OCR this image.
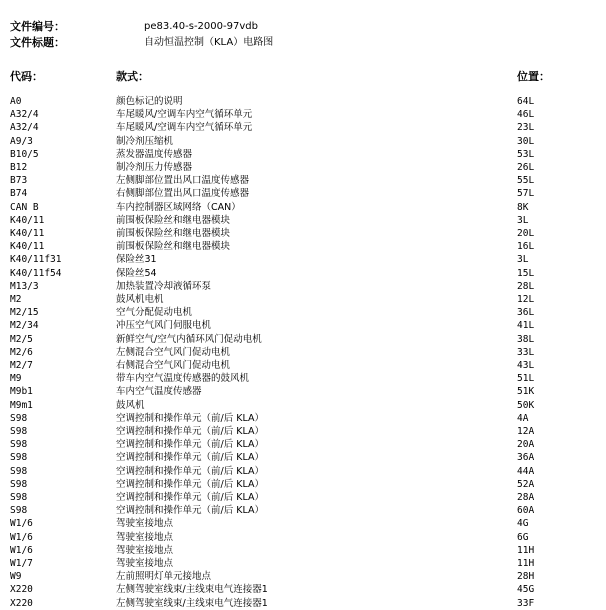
文件编号：	pe83.40-s-2000-97vdb
文件标题：	自动恒温控制（KLA）电路图
代码：	款式：	位置：
A0	颜色标记的说明	64L
A32/4	车尾暖风/空调车内空气循环单元	46L
A32/4	车尾暖风/空调车内空气循环单元	23L
A9/3	制冷剂压缩机	30L
B10/5	蒸发器温度传感器	53L
B12	制冷剂压力传感器	26L
B73	左侧脚部位置出风口温度传感器	55L
B74	右侧脚部位置出风口温度传感器	57L
CAN B	车内控制器区域网络（CAN）	8K
K40/11	前围板保险丝和继电器模块	3L
K40/11	前围板保险丝和继电器模块	20L
K40/11	前围板保险丝和继电器模块	16L
K40/11f31	保险丝31	3L
K40/11f54	保险丝54	15L
M13/3	加热装置冷却液循环泵	28L
M2	鼓风机电机	12L
M2/15	空气分配促动电机	36L
M2/34	冲压空气风门伺服电机	41L
M2/5	新鲜空气/空气内循环风门促动电机	38L
M2/6	左侧混合空气风门促动电机	33L
M2/7	右侧混合空气风门促动电机	43L
M9	带车内空气温度传感器的鼓风机	51L
M9b1	车内空气温度传感器	51K
M9m1	鼓风机	50K
S98	空调控制和操作单元（前/后 KLA）	4A
S98	空调控制和操作单元（前/后 KLA）	12A
S98	空调控制和操作单元（前/后 KLA）	20A
S98	空调控制和操作单元（前/后 KLA）	36A
S98	空调控制和操作单元（前/后 KLA）	44A
S98	空调控制和操作单元（前/后 KLA）	52A
S98	空调控制和操作单元（前/后 KLA）	28A
S98	空调控制和操作单元（前/后 KLA）	60A
W1/6	驾驶室接地点	4G
W1/6	驾驶室接地点	6G
W1/6	驾驶室接地点	11H
W1/7	驾驶室接地点	11H
W9	左前照明灯单元接地点	28H
X220	左侧驾驶室线束/主线束电气连接器1	45G
X220	左侧驾驶室线束/主线束电气连接器1	33F
